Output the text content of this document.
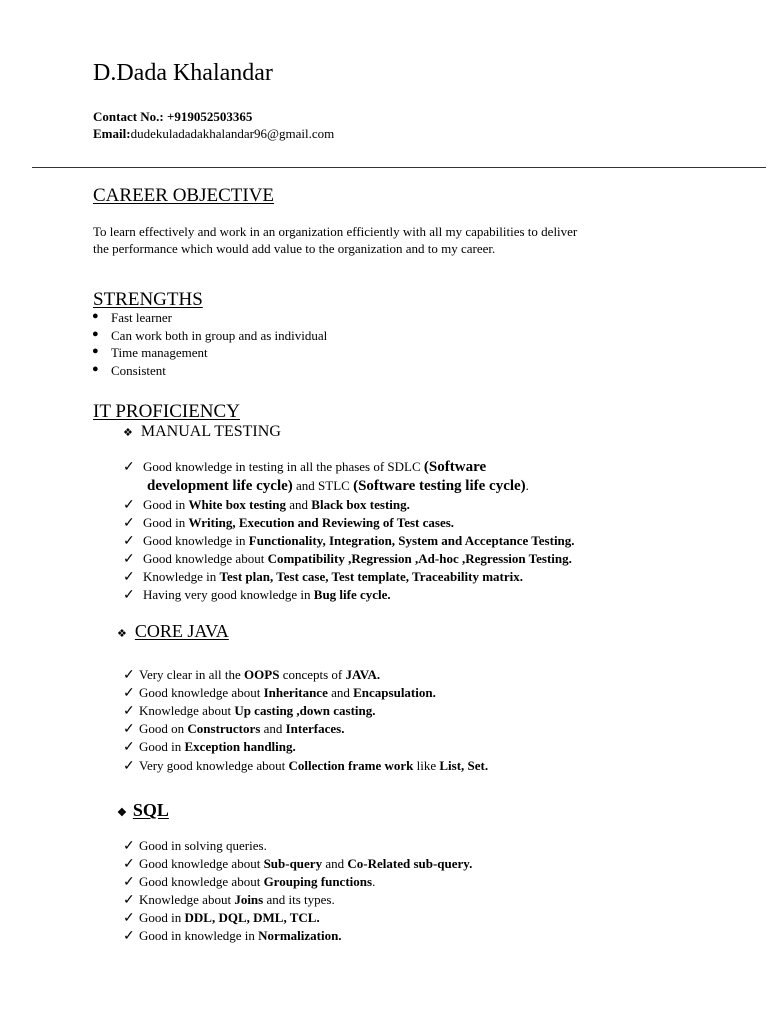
D.Dada Khalandar
Contact No.: +919052503365
Email:dudekuladadakhalandar96@gmail.com
CAREER OBJECTIVE
To learn effectively and work in an organization efficiently with all my capabilities to deliver
the performance which would add value to the organization and to my career.
STRENGTHS
● Fast learner
● Can work both in group and as individual
● Time management
● Consistent
IT PROFICIENCY
❖ MANUAL TESTING
✓ Good knowledge in testing in all the phases of SDLC (Software
development life cycle) and STLC (Software testing life cycle).
✓ Good in White box testing and Black box testing.
✓ Good in Writing, Execution and Reviewing of Test cases.
✓ Good knowledge in Functionality, Integration, System and Acceptance Testing.
✓ Good knowledge about Compatibility ,Regression ,Ad-hoc ,Regression Testing.
✓ Knowledge in Test plan, Test case, Test template, Traceability matrix.
✓ Having very good knowledge in Bug life cycle.
❖ CORE JAVA
✓ Very clear in all the OOPS concepts of JAVA.
✓ Good knowledge about Inheritance and Encapsulation.
✓ Knowledge about Up casting ,down casting.
✓ Good on Constructors and Interfaces.
✓ Good in Exception handling.
✓ Very good knowledge about Collection frame work like List, Set.
❖ SQL
✓ Good in solving queries.
✓ Good knowledge about Sub-query and Co-Related sub-query.
✓ Good knowledge about Grouping functions.
✓ Knowledge about Joins and its types.
✓ Good in DDL, DQL, DML, TCL.
✓ Good in knowledge in Normalization.
